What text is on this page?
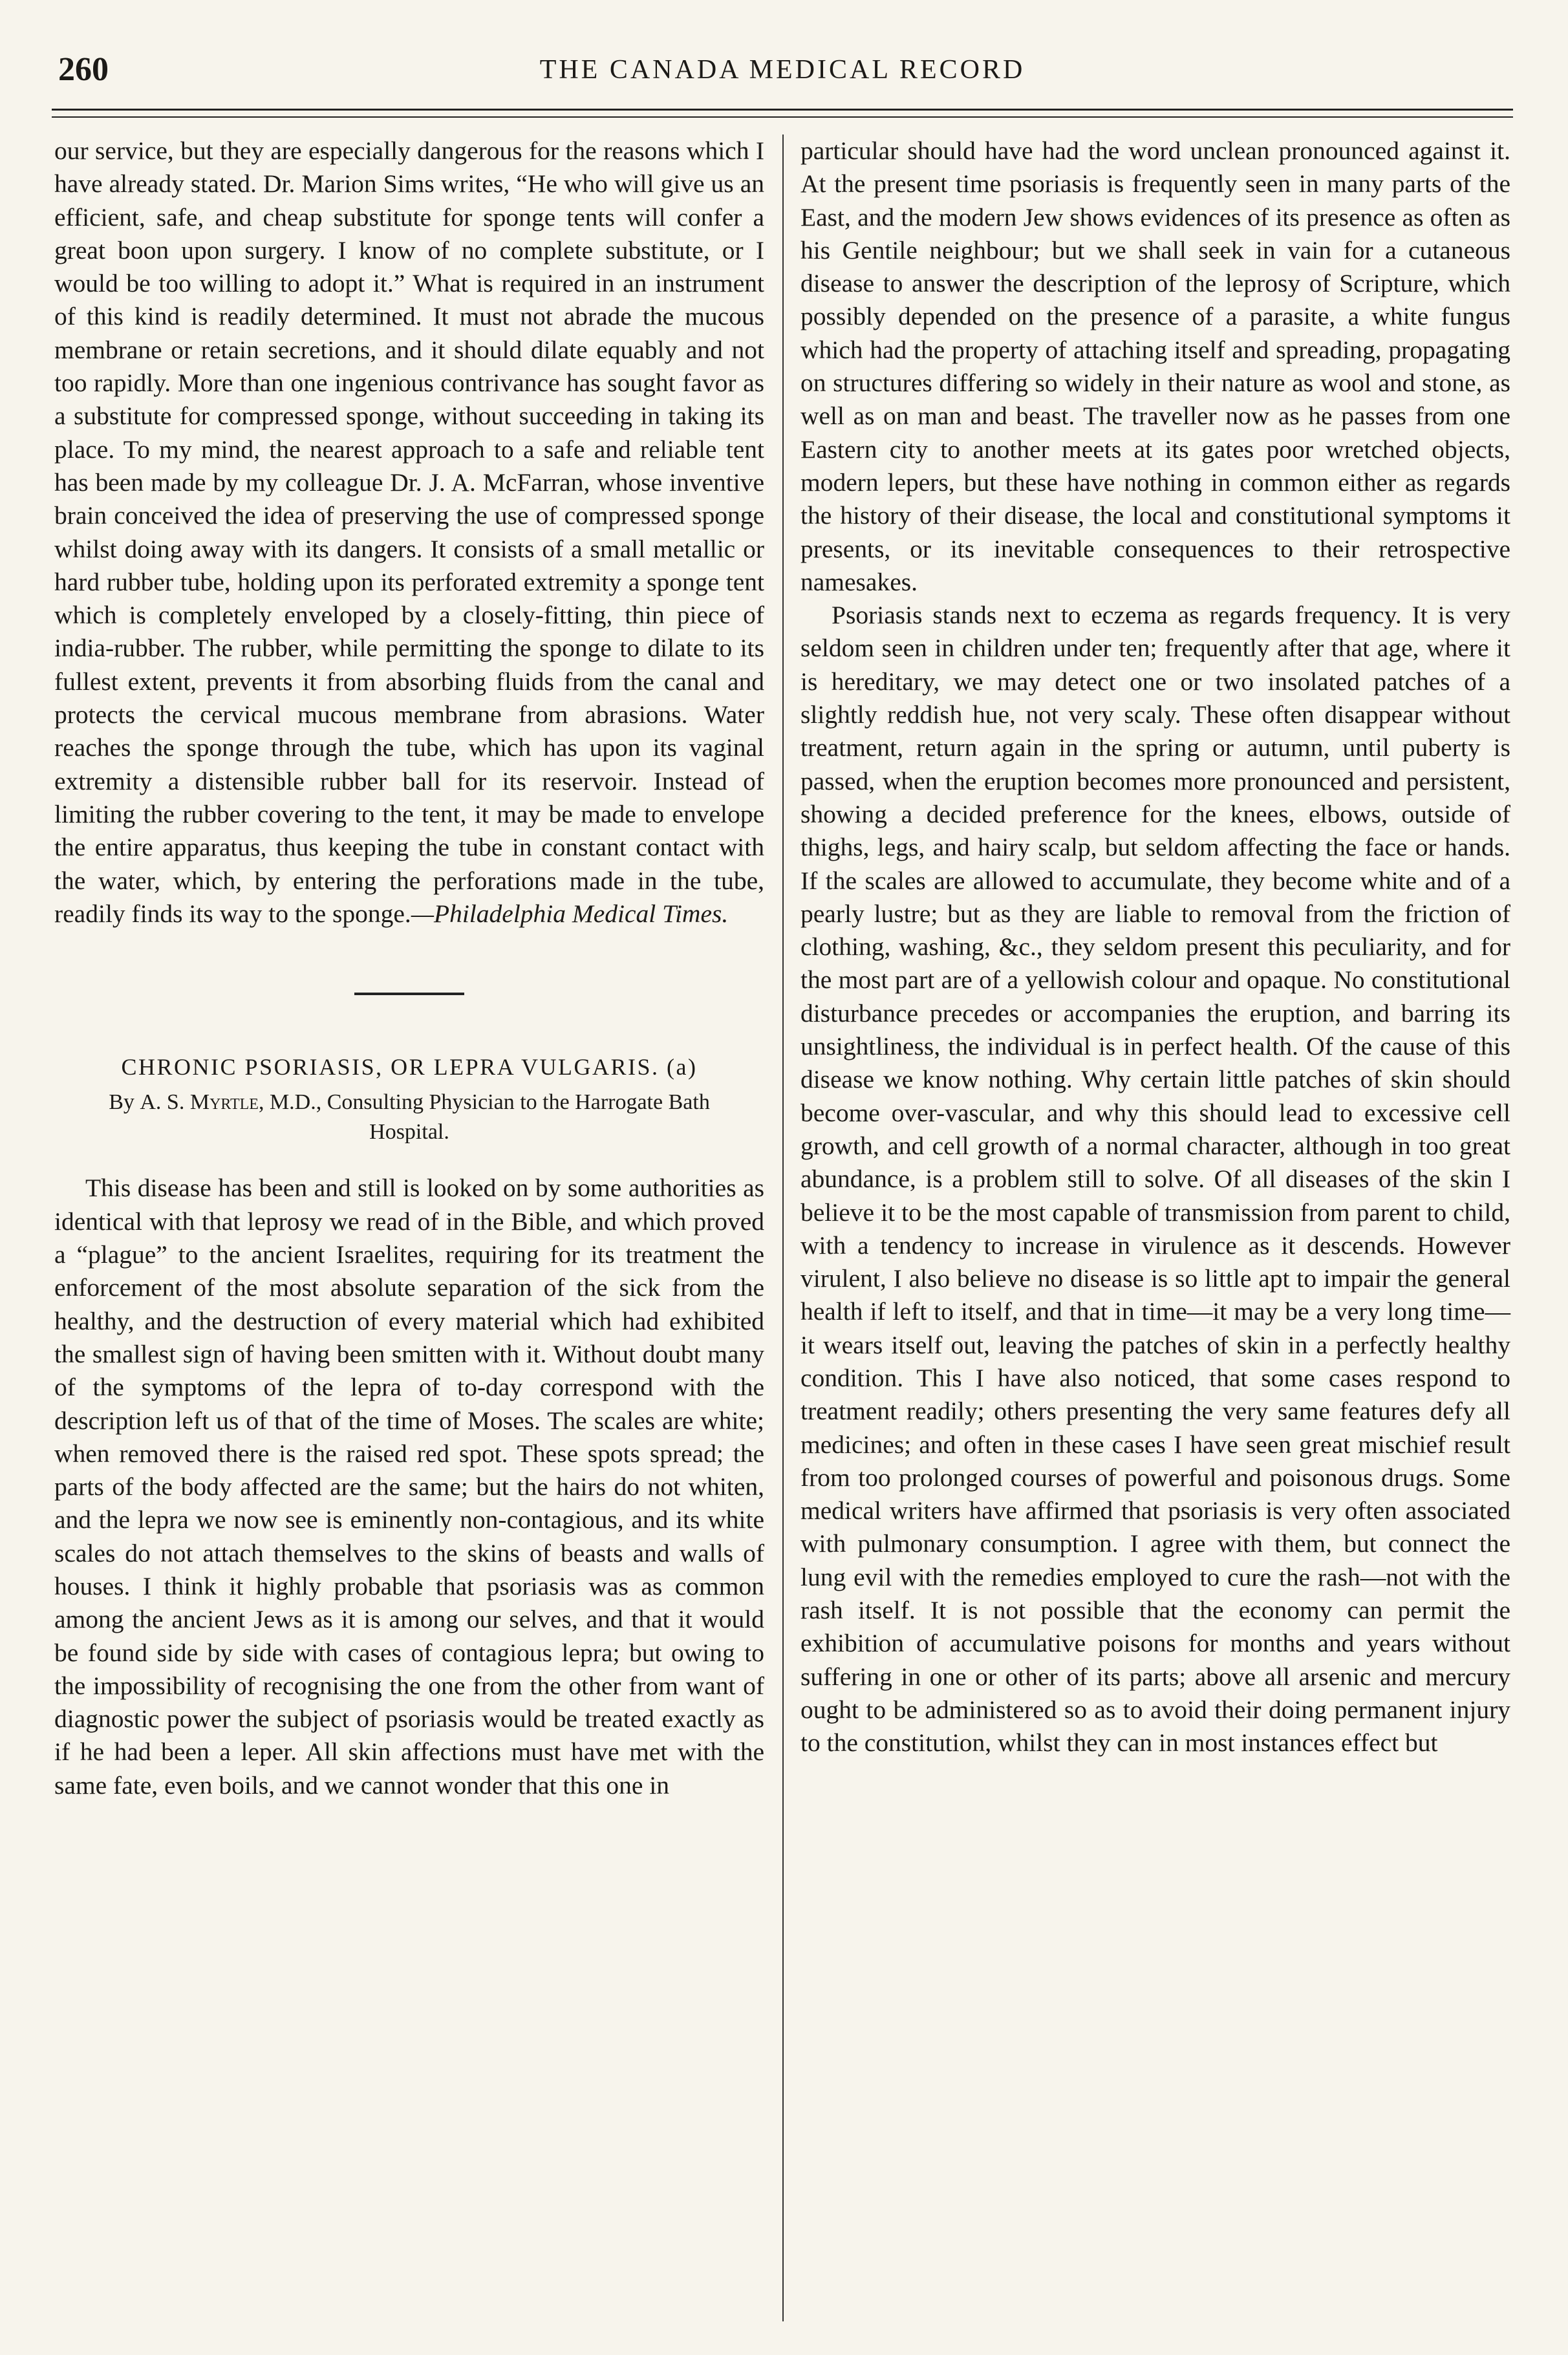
260	THE CANADA MEDICAL RECORD

our service, but they are especially dangerous for the reasons which I have already stated. Dr. Marion Sims writes, “He who will give us an efficient, safe, and cheap substitute for sponge tents will confer a great boon upon surgery. I know of no complete substitute, or I would be too willing to adopt it.” What is required in an instrument of this kind is readily determined. It must not abrade the mucous membrane or retain secretions, and it should dilate equably and not too rapidly. More than one ingenious contrivance has sought favor as a substitute for compressed sponge, without succeeding in taking its place. To my mind, the nearest approach to a safe and reliable tent has been made by my colleague Dr. J. A. McFarran, whose inventive brain conceived the idea of preserving the use of compressed sponge whilst doing away with its dangers. It consists of a small metallic or hard rubber tube, holding upon its perforated extremity a sponge tent which is completely enveloped by a closely-fitting, thin piece of india-rubber. The rubber, while permitting the sponge to dilate to its fullest extent, prevents it from absorbing fluids from the canal and protects the cervical mucous membrane from abrasions. Water reaches the sponge through the tube, which has upon its vaginal extremity a distensible rubber ball for its reservoir. Instead of limiting the rubber covering to the tent, it may be made to envelope the entire apparatus, thus keeping the tube in constant contact with the water, which, by entering the perforations made in the tube, readily finds its way to the sponge.—Philadelphia Medical Times.

CHRONIC PSORIASIS, OR LEPRA VULGARIS. (a)

By A. S. Myrtle, M.D., Consulting Physician to the Harrogate Bath Hospital.

This disease has been and still is looked on by some authorities as identical with that leprosy we read of in the Bible, and which proved a “plague” to the ancient Israelites, requiring for its treatment the enforcement of the most absolute separation of the sick from the healthy, and the destruction of every material which had exhibited the smallest sign of having been smitten with it. Without doubt many of the symptoms of the lepra of to-day correspond with the description left us of that of the time of Moses. The scales are white; when removed there is the raised red spot. These spots spread; the parts of the body affected are the same; but the hairs do not whiten, and the lepra we now see is eminently non-contagious, and its white scales do not attach themselves to the skins of beasts and walls of houses. I think it highly probable that psoriasis was as common among the ancient Jews as it is among our selves, and that it would be found side by side with cases of contagious lepra; but owing to the impossibility of recognising the one from the other from want of diagnostic power the subject of psoriasis would be treated exactly as if he had been a leper. All skin affections must have met with the same fate, even boils, and we cannot wonder that this one in

particular should have had the word unclean pronounced against it. At the present time psoriasis is frequently seen in many parts of the East, and the modern Jew shows evidences of its presence as often as his Gentile neighbour; but we shall seek in vain for a cutaneous disease to answer the description of the leprosy of Scripture, which possibly depended on the presence of a parasite, a white fungus which had the property of attaching itself and spreading, propagating on structures differing so widely in their nature as wool and stone, as well as on man and beast. The traveller now as he passes from one Eastern city to another meets at its gates poor wretched objects, modern lepers, but these have nothing in common either as regards the history of their disease, the local and constitutional symptoms it presents, or its inevitable consequences to their retrospective namesakes.

Psoriasis stands next to eczema as regards frequency. It is very seldom seen in children under ten; frequently after that age, where it is hereditary, we may detect one or two insolated patches of a slightly reddish hue, not very scaly. These often disappear without treatment, return again in the spring or autumn, until puberty is passed, when the eruption becomes more pronounced and persistent, showing a decided preference for the knees, elbows, outside of thighs, legs, and hairy scalp, but seldom affecting the face or hands. If the scales are allowed to accumulate, they become white and of a pearly lustre; but as they are liable to removal from the friction of clothing, washing, &c., they seldom present this peculiarity, and for the most part are of a yellowish colour and opaque. No constitutional disturbance precedes or accompanies the eruption, and barring its unsightliness, the individual is in perfect health. Of the cause of this disease we know nothing. Why certain little patches of skin should become over-vascular, and why this should lead to excessive cell growth, and cell growth of a normal character, although in too great abundance, is a problem still to solve. Of all diseases of the skin I believe it to be the most capable of transmission from parent to child, with a tendency to increase in virulence as it descends. However virulent, I also believe no disease is so little apt to impair the general health if left to itself, and that in time—it may be a very long time—it wears itself out, leaving the patches of skin in a perfectly healthy condition. This I have also noticed, that some cases respond to treatment readily; others presenting the very same features defy all medicines; and often in these cases I have seen great mischief result from too prolonged courses of powerful and poisonous drugs. Some medical writers have affirmed that psoriasis is very often associated with pulmonary consumption. I agree with them, but connect the lung evil with the remedies employed to cure the rash—not with the rash itself. It is not possible that the economy can permit the exhibition of accumulative poisons for months and years without suffering in one or other of its parts; above all arsenic and mercury ought to be administered so as to avoid their doing permanent injury to the constitution, whilst they can in most instances effect but
